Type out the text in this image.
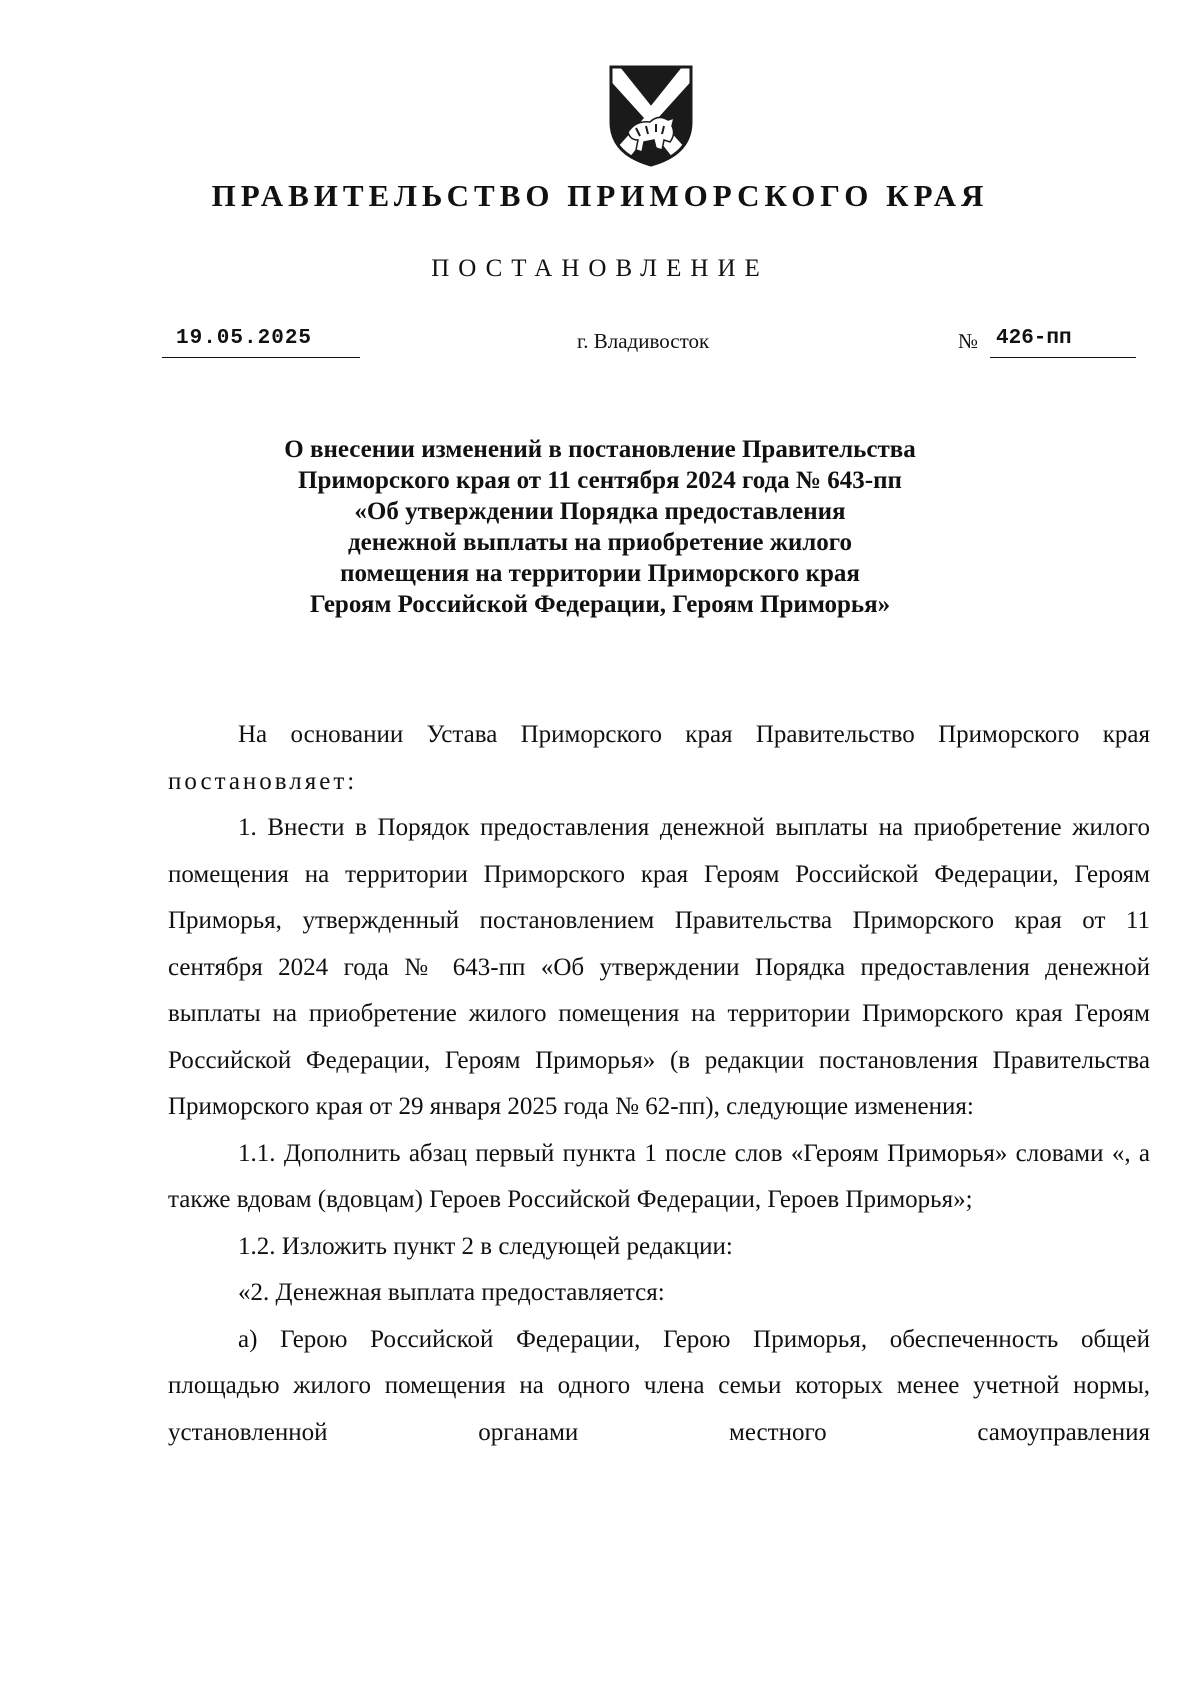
ПРАВИТЕЛЬСТВО ПРИМОРСКОГО КРАЯ
ПОСТАНОВЛЕНИЕ
19.05.2025	г. Владивосток	№ 426-пп
О внесении изменений в постановление Правительства
Приморского края от 11 сентября 2024 года № 643-пп
«Об утверждении Порядка предоставления
денежной выплаты на приобретение жилого
помещения на территории Приморского края
Героям Российской Федерации, Героям Приморья»

На основании Устава Приморского края Правительство Приморского края постановляет:

1. Внести в Порядок предоставления денежной выплаты на приобретение жилого помещения на территории Приморского края Героям Российской Федерации, Героям Приморья, утвержденный постановлением Правительства Приморского края от 11 сентября 2024 года № 643-пп «Об утверждении Порядка предоставления денежной выплаты на приобретение жилого помещения на территории Приморского края Героям Российской Федерации, Героям Приморья» (в редакции постановления Правительства Приморского края от 29 января 2025 года № 62-пп), следующие изменения:

1.1. Дополнить абзац первый пункта 1 после слов «Героям Приморья» словами «, а также вдовам (вдовцам) Героев Российской Федерации, Героев Приморья»;

1.2. Изложить пункт 2 в следующей редакции:

«2. Денежная выплата предоставляется:

а) Герою Российской Федерации, Герою Приморья, обеспеченность общей площадью жилого помещения на одного члена семьи которых менее учетной нормы, установленной органами местного самоуправления
